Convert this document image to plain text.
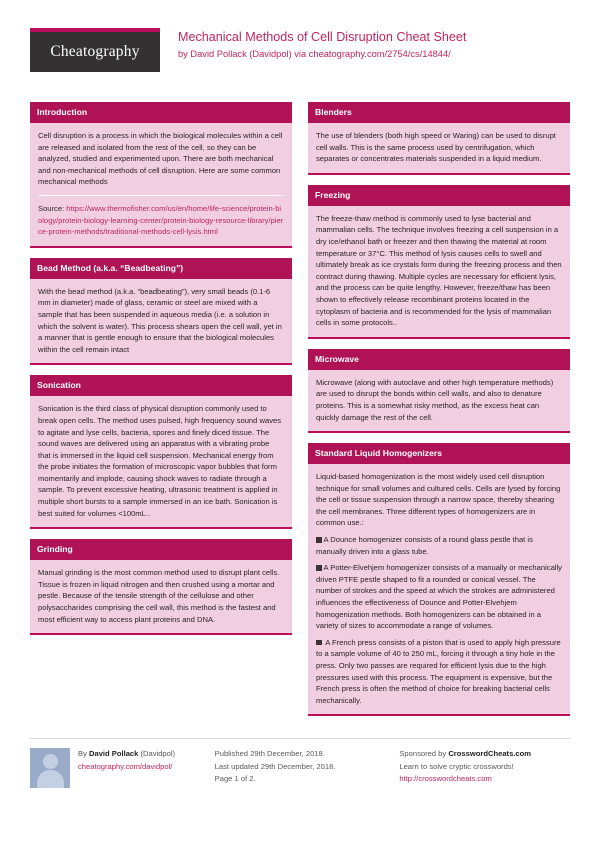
Cheatography
Mechanical Methods of Cell Disruption Cheat Sheet
by David Pollack (Davidpol) via cheatography.com/2754/cs/14844/
Introduction

Cell disruption is a process in which the biological molecules within a cell are released and isolated from the rest of the cell, so they can be analyzed, studied and experimented upon. There are both mechanical and non-mechanical methods of cell disruption. Here are some common mechanical methods

Source: https://www.thermofisher.com/us/en/home/life-science/protein-biology/protein-biology-learning-center/protein-biology-resource-library/pierce-protein-methods/traditional-methods-cell-lysis.html

Bead Method (a.k.a. “Beadbeating”)

With the bead method (a.k.a. “beadbeating”), very small beads (0.1-6 mm in diameter) made of glass, ceramic or steel are mixed with a sample that has been suspended in aqueous media (i.e. a solution in which the solvent is water). This process shears open the cell wall, yet in a manner that is gentle enough to ensure that the biological molecules within the cell remain intact

Sonication

Sonication is the third class of physical disruption commonly used to break open cells. The method uses pulsed, high frequency sound waves to agitate and lyse cells, bacteria, spores and finely diced tissue. The sound waves are delivered using an apparatus with a vibrating probe that is immersed in the liquid cell suspension. Mechanical energy from the probe initiates the formation of microscopic vapor bubbles that form momentarily and implode, causing shock waves to radiate through a sample. To prevent excessive heating, ultrasonic treatment is applied in multiple short bursts to a sample immersed in an ice bath. Sonication is best suited for volumes <100mL..

Grinding

Manual grinding is the most common method used to disrupt plant cells. Tissue is frozen in liquid nitrogen and then crushed using a mortar and pestle. Because of the tensile strength of the cellulose and other polysaccharides comprising the cell wall, this method is the fastest and most efficient way to access plant proteins and DNA.

Blenders

The use of blenders (both high speed or Waring) can be used to disrupt cell walls. This is the same process used by centrifugation, which separates or concentrates materials suspended in a liquid medium.

Freezing

The freeze-thaw method is commonly used to lyse bacterial and mammalian cells. The technique involves freezing a cell suspension in a dry ice/ethanol bath or freezer and then thawing the material at room temperature or 37°C. This method of lysis causes cells to swell and ultimately break as ice crystals form during the freezing process and then contract during thawing. Multiple cycles are necessary for efficient lysis, and the process can be quite lengthy. However, freeze/thaw has been shown to effectively release recombinant proteins located in the cytoplasm of bacteria and is recommended for the lysis of mammalian cells in some protocols..

Microwave

Microwave (along with autoclave and other high temperature methods) are used to disrupt the bonds within cell walls, and also to denature proteins. This is a somewhat risky method, as the excess heat can quickly damage the rest of the cell.

Standard Liquid Homogenizers

Liquid-based homogenization is the most widely used cell disruption technique for small volumes and cultured cells. Cells are lysed by forcing the cell or tissue suspension through a narrow space, thereby shearing the cell membranes. Three different types of homogenizers are in common use.:

A Dounce homogenizer consists of a round glass pestle that is manually driven into a glass tube.
A Potter-Elvehjem homogenizer consists of a manually or mechanically driven PTFE pestle shaped to fit a rounded or conical vessel. The number of strokes and the speed at which the strokes are administered influences the effectiveness of Dounce and Potter-Elvehjem homogenization methods. Both homogenizers can be obtained in a variety of sizes to accommodate a range of volumes.
A French press consists of a piston that is used to apply high pressure to a sample volume of 40 to 250 mL, forcing it through a tiny hole in the press. Only two passes are required for efficient lysis due to the high pressures used with this process. The equipment is expensive, but the French press is often the method of choice for breaking bacterial cells mechanically.
By David Pollack (Davidpol)
cheatography.com/davidpol/
Published 29th December, 2018.
Last updated 29th December, 2018.
Page 1 of 2.
Sponsored by CrosswordCheats.com
Learn to solve cryptic crosswords!
http://crosswordcheats.com
